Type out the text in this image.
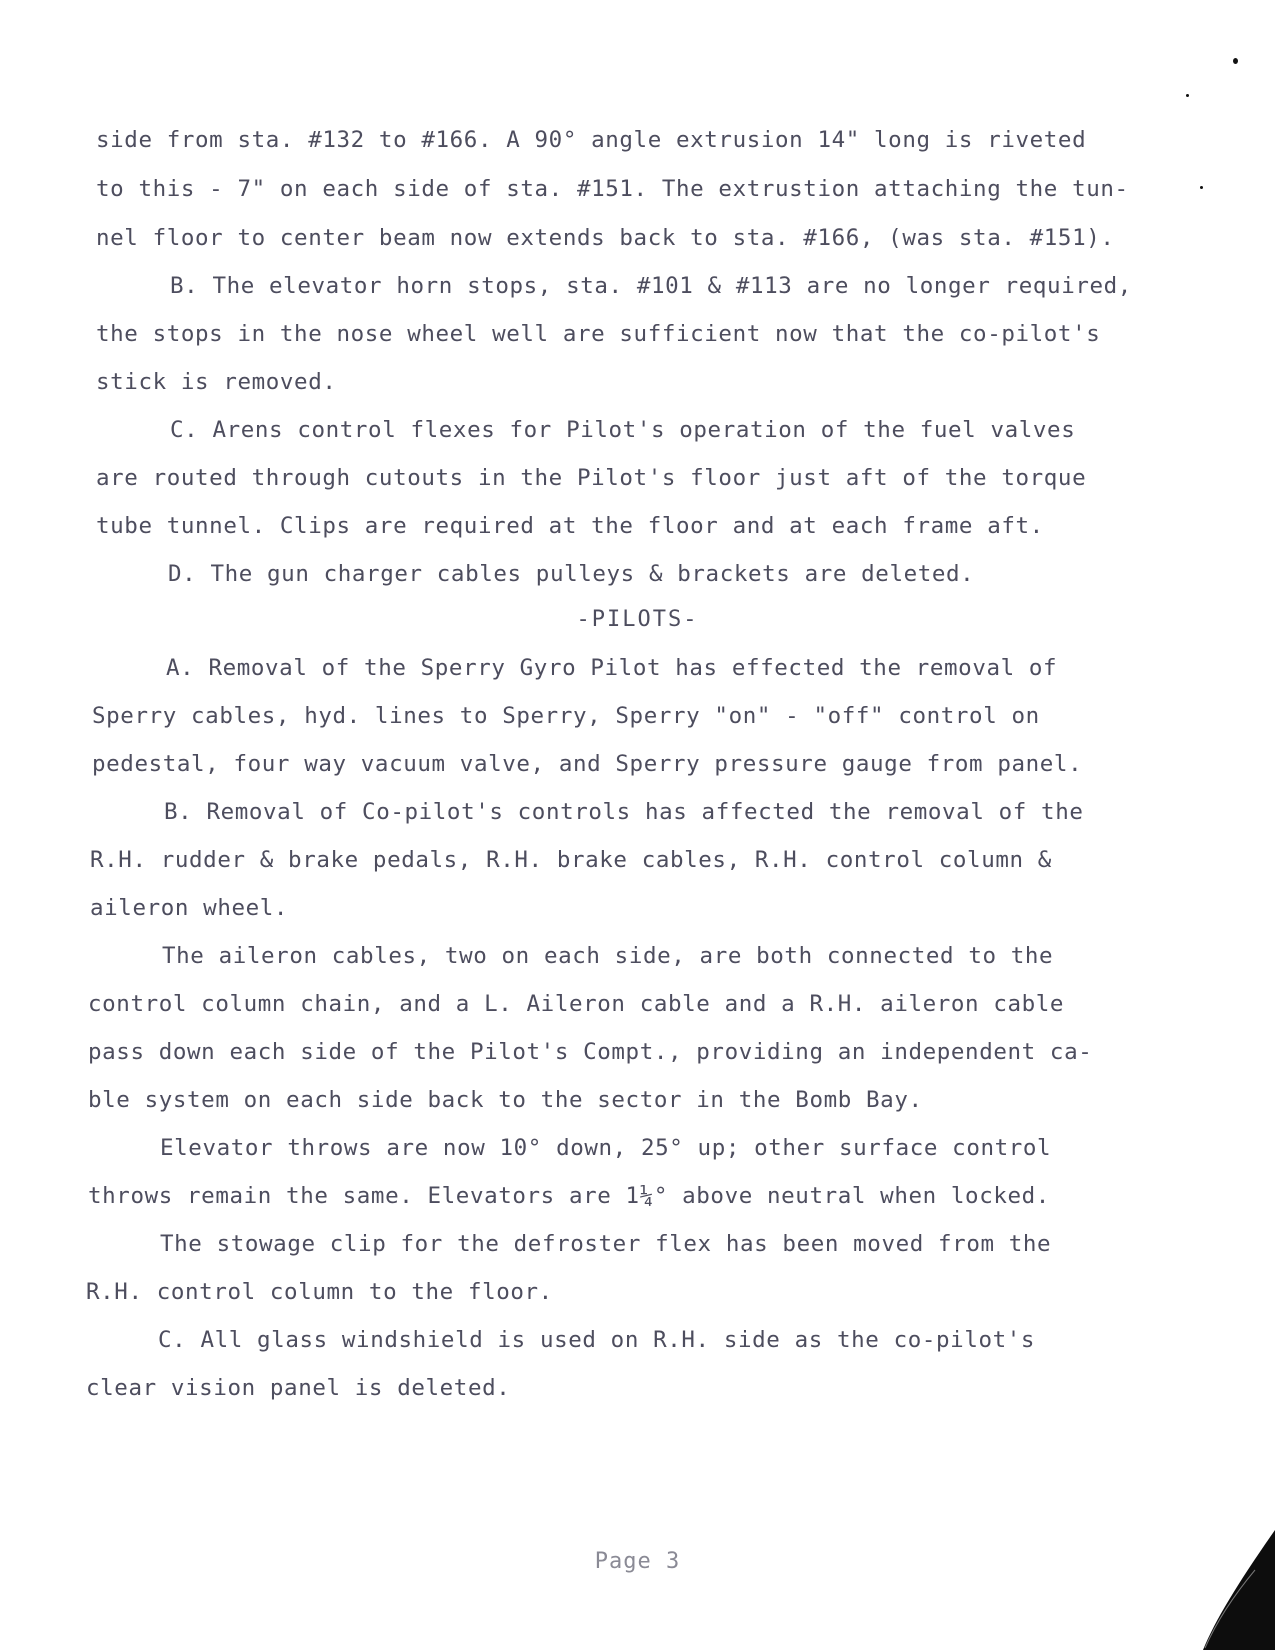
side from sta. #132 to #166. A 90° angle extrusion 14" long is riveted
to this - 7" on each side of sta. #151. The extrustion attaching the tun-
nel floor to center beam now extends back to sta. #166, (was sta. #151).
B. The elevator horn stops, sta. #101 & #113 are no longer required,
the stops in the nose wheel well are sufficient now that the co-pilot's
stick is removed.
C. Arens control flexes for Pilot's operation of the fuel valves
are routed through cutouts in the Pilot's floor just aft of the torque
tube tunnel. Clips are required at the floor and at each frame aft.
D. The gun charger cables pulleys & brackets are deleted.
-PILOTS-
A. Removal of the Sperry Gyro Pilot has effected the removal of
Sperry cables, hyd. lines to Sperry, Sperry "on" - "off" control on
pedestal, four way vacuum valve, and Sperry pressure gauge from panel.
B. Removal of Co-pilot's controls has affected the removal of the
R.H. rudder & brake pedals, R.H. brake cables, R.H. control column &
aileron wheel.
The aileron cables, two on each side, are both connected to the
control column chain, and a L. Aileron cable and a R.H. aileron cable
pass down each side of the Pilot's Compt., providing an independent ca-
ble system on each side back to the sector in the Bomb Bay.
Elevator throws are now 10° down, 25° up; other surface control
throws remain the same. Elevators are 1¼° above neutral when locked.
The stowage clip for the defroster flex has been moved from the
R.H. control column to the floor.
C. All glass windshield is used on R.H. side as the co-pilot's
clear vision panel is deleted.
Page 3
